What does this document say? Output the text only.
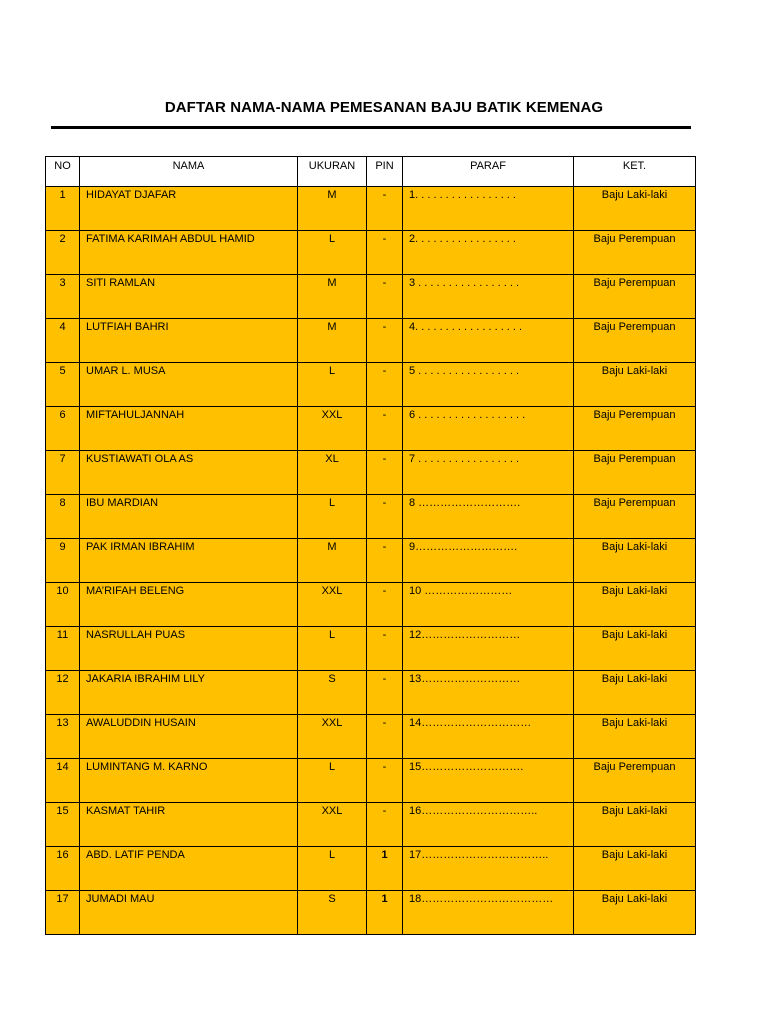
DAFTAR NAMA-NAMA PEMESANAN BAJU BATIK KEMENAG
NO	NAMA	UKURAN	PIN	PARAF	KET.
1	HIDAYAT DJAFAR	M	-	1. . . . . . . . . . . . . . . . .	Baju Laki-laki
2	FATIMA KARIMAH ABDUL HAMID	L	-	2. . . . . . . . . . . . . . . . .	Baju Perempuan
3	SITI RAMLAN	M	-	3 . . . . . . . . . . . . . . . . .	Baju Perempuan
4	LUTFIAH BAHRI	M	-	4. . . . . . . . . . . . . . . . . .	Baju Perempuan
5	UMAR L. MUSA	L	-	5 . . . . . . . . . . . . . . . . .	Baju Laki-laki
6	MIFTAHULJANNAH	XXL	-	6 . . . . . . . . . . . . . . . . . .	Baju Perempuan
7	KUSTIAWATI OLA AS	XL	-	7 . . . . . . . . . . . . . . . . .	Baju Perempuan
8	IBU MARDIAN	L	-	8 ……………………….	Baju Perempuan
9	PAK IRMAN IBRAHIM	M	-	9……………………….	Baju Laki-laki
10	MA’RIFAH BELENG	XXL	-	10 ……………………	Baju Laki-laki
11	NASRULLAH PUAS	L	-	12………………………	Baju Laki-laki
12	JAKARIA IBRAHIM LILY	S	-	13………………………	Baju Laki-laki
13	AWALUDDIN HUSAIN	XXL	-	14…………………………	Baju Laki-laki
14	LUMINTANG M. KARNO	L	-	15……………………….	Baju Perempuan
15	KASMAT TAHIR	XXL	-	16…………………………..	Baju Laki-laki
16	ABD. LATIF PENDA	L	1	17……………………………..	Baju Laki-laki
17	JUMADI MAU	S	1	18………………………………	Baju Laki-laki
